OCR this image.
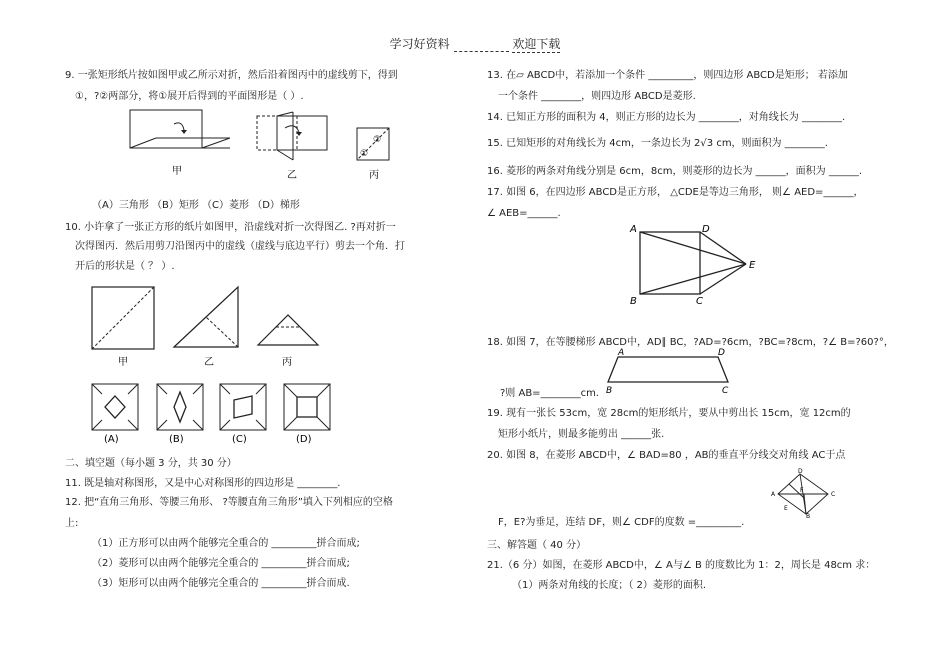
学习好资料	欢迎下载
9. 一张矩形纸片按如图甲或乙所示对折，然后沿着图丙中的虚线剪下，得到
①，?②两部分，将①展开后得到的平面图形是（ ）.
甲	乙
①
②
丙
（A）三角形 （B）矩形 （C）菱形 （D）梯形
10. 小许拿了一张正方形的纸片如图甲，沿虚线对折一次得图乙. ?再对折一
次得图丙．然后用剪刀沿图丙中的虚线（虚线与底边平行）剪去一个角．打
开后的形状是（ ？ ）.
甲	乙	丙
(A)	(B)	(C)	(D)
二、填空题（每小题 3 分，共 30 分）
11. 既是轴对称图形，又是中心对称图形的四边形是 ________.
12. 把“直角三角形、等腰三角形、 ?等腰直角三角形”填入下列相应的空格
上:
（1）正方形可以由两个能够完全重合的 _________拼合而成;
（2）菱形可以由两个能够完全重合的 _________拼合而成;
（3）矩形可以由两个能够完全重合的 _________拼合而成.
13. 在▱ ABCD中，若添加一个条件 _________，则四边形 ABCD是矩形； 若添加
一个条件 ________，则四边形 ABCD是菱形.
14. 已知正方形的面积为 4，则正方形的边长为 ________，对角线长为 ________.
15. 已知矩形的对角线长为 4cm，一条边长为 2√3 cm，则面积为 ________.
16. 菱形的两条对角线分别是 6cm，8cm，则菱形的边长为 ______，面积为 ______.
17. 如图 6，在四边形 ABCD是正方形， △CDE是等边三角形， 则∠ AED=______，
∠ AEB=______.
A	D
B	C
E
18. 如图 7，在等腰梯形 ABCD中，AD∥ BC，?AD=?6cm，?BC=?8cm，?∠ B=?60?°，
A	D
B	C
?则 AB=________cm.
19. 现有一张长 53cm，宽 28cm的矩形纸片，要从中剪出长 15cm，宽 12cm的
矩形小纸片，则最多能剪出 ______张.
20. 如图 8，在菱形 ABCD中，∠ BAD=80 ，AB的垂直平分线交对角线 AC于点
A
D
C
B
E
F
F，E?为垂足，连结 DF，则∠ CDF的度数 =_________.
三、解答题（ 40 分）
21.（6 分）如图，在菱形 ABCD中，∠ A与∠ B 的度数比为 1：2，周长是 48cm 求：
（1）两条对角线的长度；（ 2）菱形的面积.
